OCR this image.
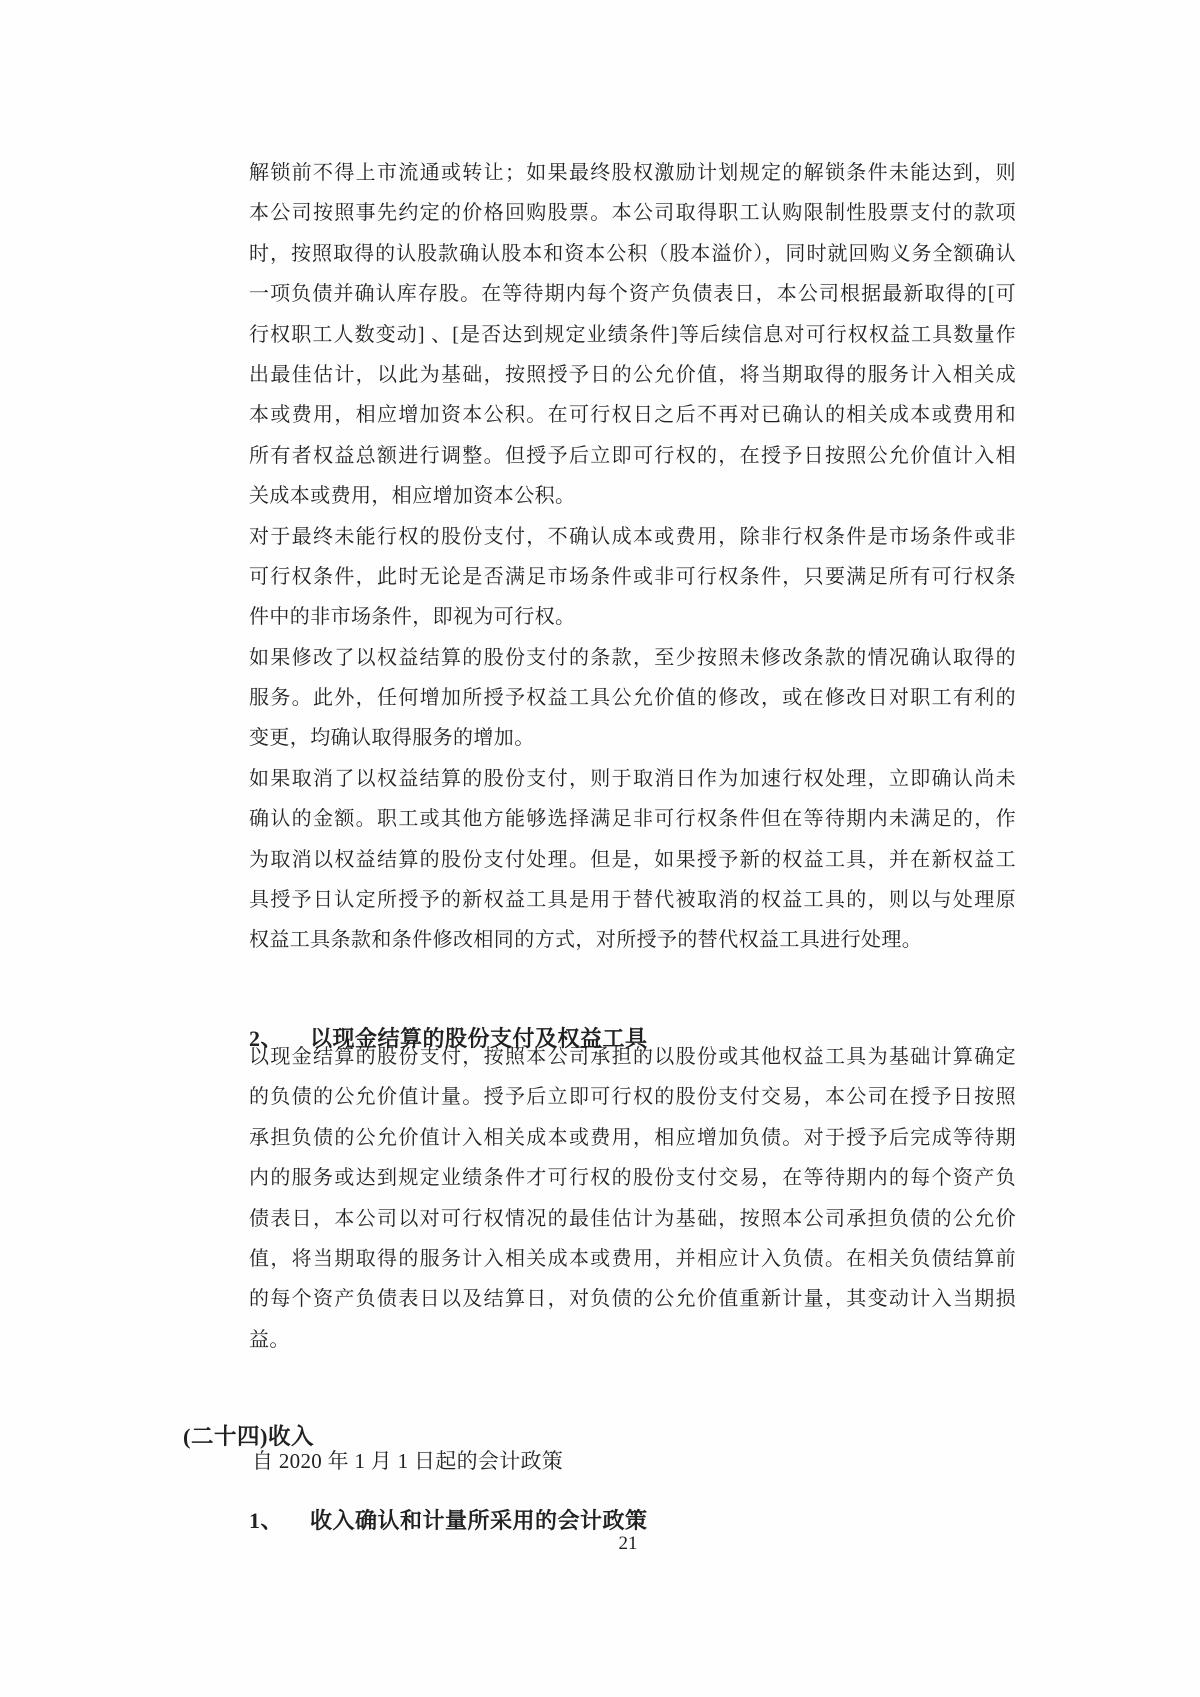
解锁前不得上市流通或转让；如果最终股权激励计划规定的解锁条件未能达到，则
本公司按照事先约定的价格回购股票。本公司取得职工认购限制性股票支付的款项
时，按照取得的认股款确认股本和资本公积（股本溢价），同时就回购义务全额确认
一项负债并确认库存股。在等待期内每个资产负债表日，本公司根据最新取得的[可
行权职工人数变动] 、[是否达到规定业绩条件]等后续信息对可行权权益工具数量作
出最佳估计，以此为基础，按照授予日的公允价值，将当期取得的服务计入相关成
本或费用，相应增加资本公积。在可行权日之后不再对已确认的相关成本或费用和
所有者权益总额进行调整。但授予后立即可行权的，在授予日按照公允价值计入相
关成本或费用，相应增加资本公积。
对于最终未能行权的股份支付，不确认成本或费用，除非行权条件是市场条件或非
可行权条件，此时无论是否满足市场条件或非可行权条件，只要满足所有可行权条
件中的非市场条件，即视为可行权。
如果修改了以权益结算的股份支付的条款，至少按照未修改条款的情况确认取得的
服务。此外，任何增加所授予权益工具公允价值的修改，或在修改日对职工有利的
变更，均确认取得服务的增加。
如果取消了以权益结算的股份支付，则于取消日作为加速行权处理，立即确认尚未
确认的金额。职工或其他方能够选择满足非可行权条件但在等待期内未满足的，作
为取消以权益结算的股份支付处理。但是，如果授予新的权益工具，并在新权益工
具授予日认定所授予的新权益工具是用于替代被取消的权益工具的，则以与处理原
权益工具条款和条件修改相同的方式，对所授予的替代权益工具进行处理。
2、 以现金结算的股份支付及权益工具
以现金结算的股份支付，按照本公司承担的以股份或其他权益工具为基础计算确定
的负债的公允价值计量。授予后立即可行权的股份支付交易，本公司在授予日按照
承担负债的公允价值计入相关成本或费用，相应增加负债。对于授予后完成等待期
内的服务或达到规定业绩条件才可行权的股份支付交易，在等待期内的每个资产负
债表日，本公司以对可行权情况的最佳估计为基础，按照本公司承担负债的公允价
值，将当期取得的服务计入相关成本或费用，并相应计入负债。在相关负债结算前
的每个资产负债表日以及结算日，对负债的公允价值重新计量，其变动计入当期损
益。
(二十四)收入
自 2020 年 1 月 1 日起的会计政策
1、 收入确认和计量所采用的会计政策
21
